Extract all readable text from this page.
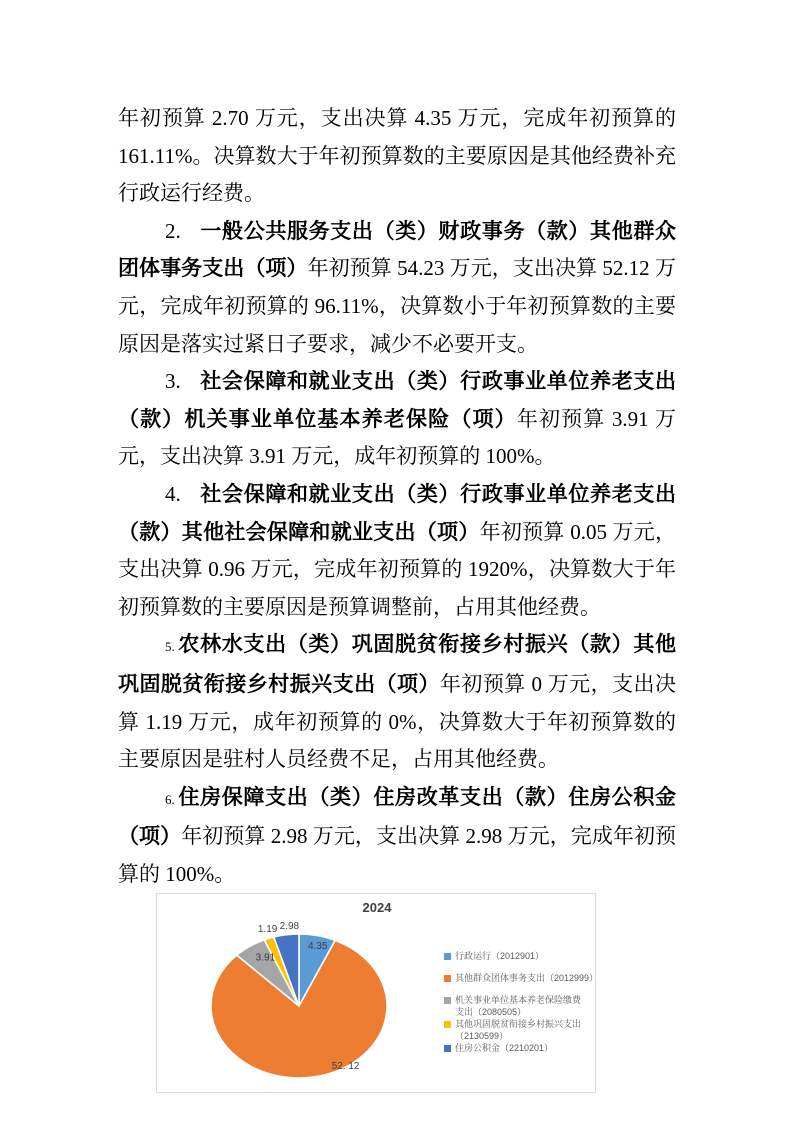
年初预算 2.70 万元，支出决算 4.35 万元，完成年初预算的 161.11%。决算数大于年初预算数的主要原因是其他经费补充行政运行经费。

2. 一般公共服务支出（类）财政事务（款）其他群众团体事务支出（项）年初预算 54.23 万元，支出决算 52.12 万元，完成年初预算的 96.11%，决算数小于年初预算数的主要原因是落实过紧日子要求，减少不必要开支。

3. 社会保障和就业支出（类）行政事业单位养老支出（款）机关事业单位基本养老保险（项）年初预算 3.91 万元，支出决算 3.91 万元，成年初预算的 100%。

4. 社会保障和就业支出（类）行政事业单位养老支出（款）其他社会保障和就业支出（项）年初预算 0.05 万元，支出决算 0.96 万元，完成年初预算的 1920%，决算数大于年初预算数的主要原因是预算调整前，占用其他经费。

5. 农林水支出（类）巩固脱贫衔接乡村振兴（款）其他巩固脱贫衔接乡村振兴支出（项）年初预算 0 万元，支出决算 1.19 万元，成年初预算的 0%，决算数大于年初预算数的主要原因是驻村人员经费不足，占用其他经费。

6. 住房保障支出（类）住房改革支出（款）住房公积金（项）年初预算 2.98 万元，支出决算 2.98 万元，完成年初预算的 100%。

4.35
52. 12
3.91
1.19 2.98
2024
行政运行（2012901）
其他群众团体事务支出（2012999）
机关事业单位基本养老保险缴费
支出（2080505）
其他巩固脱贫衔接乡村振兴支出
（2130599）
住房公积金（2210201）
